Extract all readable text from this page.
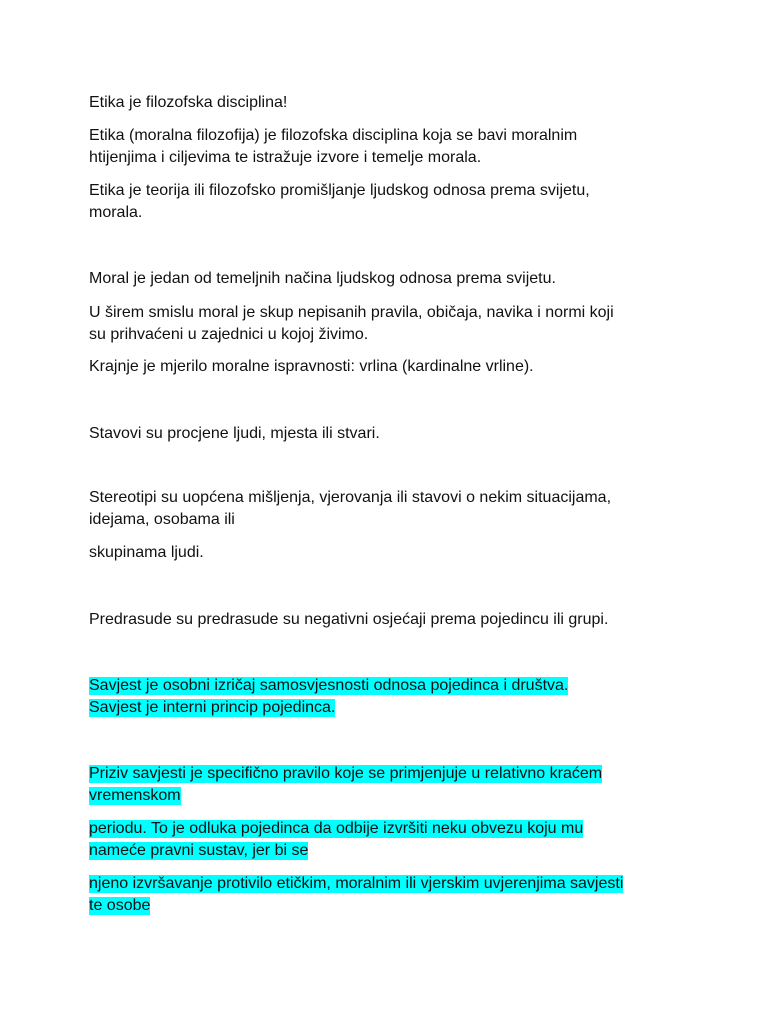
Etika je filozofska disciplina!

Etika (moralna filozofija) je filozofska disciplina koja se bavi moralnim
htijenjima i ciljevima te istražuje izvore i temelje morala.

Etika je teorija ili filozofsko promišljanje ljudskog odnosa prema svijetu,
morala.

Moral je jedan od temeljnih načina ljudskog odnosa prema svijetu.

U širem smislu moral je skup nepisanih pravila, običaja, navika i normi koji
su prihvaćeni u zajednici u kojoj živimo.

Krajnje je mjerilo moralne ispravnosti: vrlina (kardinalne vrline).

Stavovi su procjene ljudi, mjesta ili stvari.

Stereotipi su uopćena mišljenja, vjerovanja ili stavovi o nekim situacijama,
idejama, osobama ili

skupinama ljudi.

Predrasude su predrasude su negativni osjećaji prema pojedincu ili grupi.

Savjest je osobni izričaj samosvjesnosti odnosa pojedinca i društva.
Savjest je interni princip pojedinca.

Priziv savjesti je specifično pravilo koje se primjenjuje u relativno kraćem
vremenskom

periodu. To je odluka pojedinca da odbije izvršiti neku obvezu koju mu
nameće pravni sustav, jer bi se

njeno izvršavanje protivilo etičkim, moralnim ili vjerskim uvjerenjima savjesti
te osobe
